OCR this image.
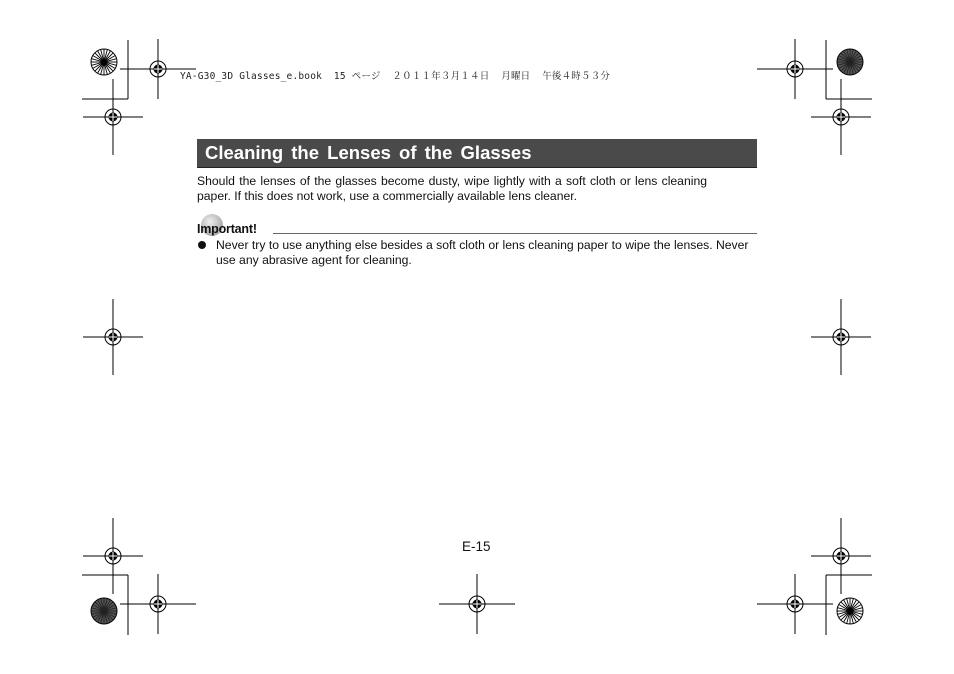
YA-G30_3D Glasses_e.book  15 ページ  ２０１１年３月１４日  月曜日  午後４時５３分
Cleaning the Lenses of the Glasses
Should the lenses of the glasses become dusty, wipe lightly with a soft cloth or lens cleaning paper. If this does not work, use a commercially available lens cleaner.
Important!
Never try to use anything else besides a soft cloth or lens cleaning paper to wipe the lenses. Never use any abrasive agent for cleaning.
E-15
